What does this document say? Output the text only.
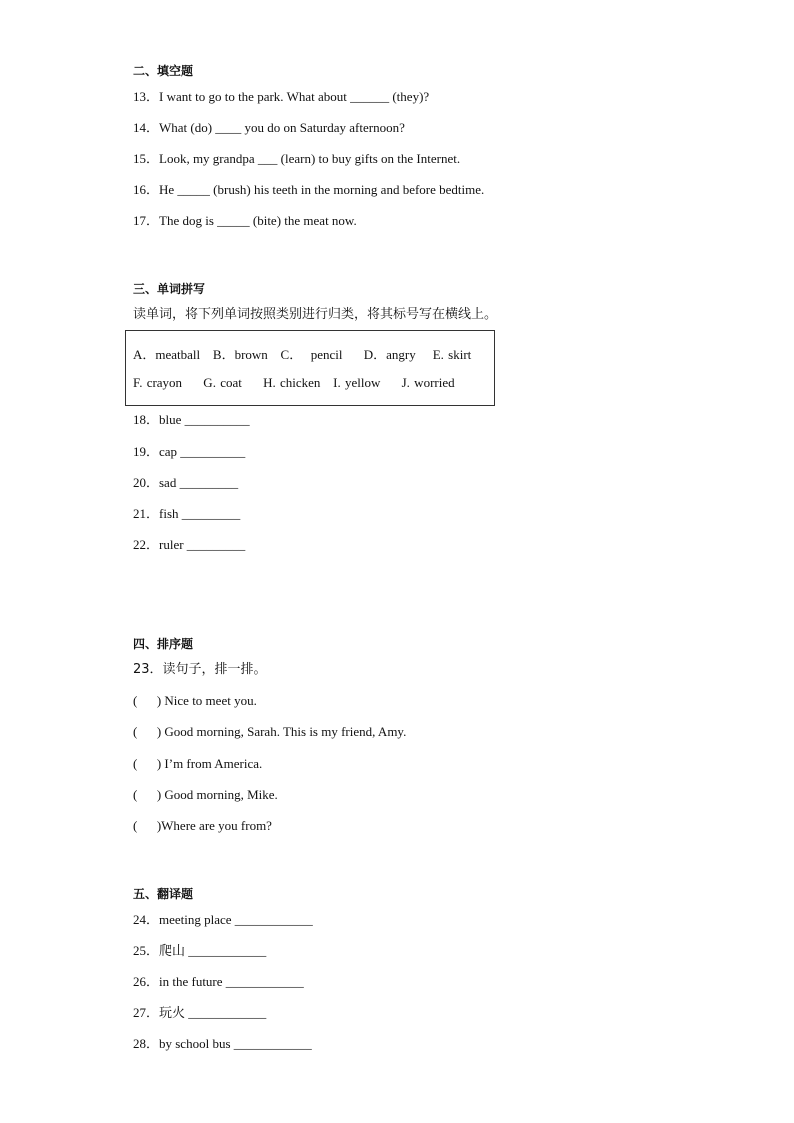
二、填空题
13．I want to go to the park. What about ______ (they)?
14．What (do) ____ you do on Saturday afternoon?
15．Look, my grandpa ___ (learn) to buy gifts on the Internet.
16．He _____ (brush) his teeth in the morning and before bedtime.
17．The dog is _____ (bite) the meat now.
三、单词拼写
读单词，将下列单词按照类别进行归类，将其标号写在横线上。
A．meatball   B．brown   C．  pencil     D．angry    E. skirt
F. crayon     G. coat     H. chicken   I. yellow     J. worried
18．blue __________
19．cap __________
20．sad _________
21．fish _________
22．ruler _________
四、排序题
23．读句子，排一排。
(      ) Nice to meet you.
(      ) Good morning, Sarah. This is my friend, Amy.
(      ) I’m from America.
(      ) Good morning, Mike.
(      )Where are you from?
五、翻译题
24．meeting place ____________
25．爬山 ____________
26．in the future ____________
27．玩火 ____________
28．by school bus ____________
